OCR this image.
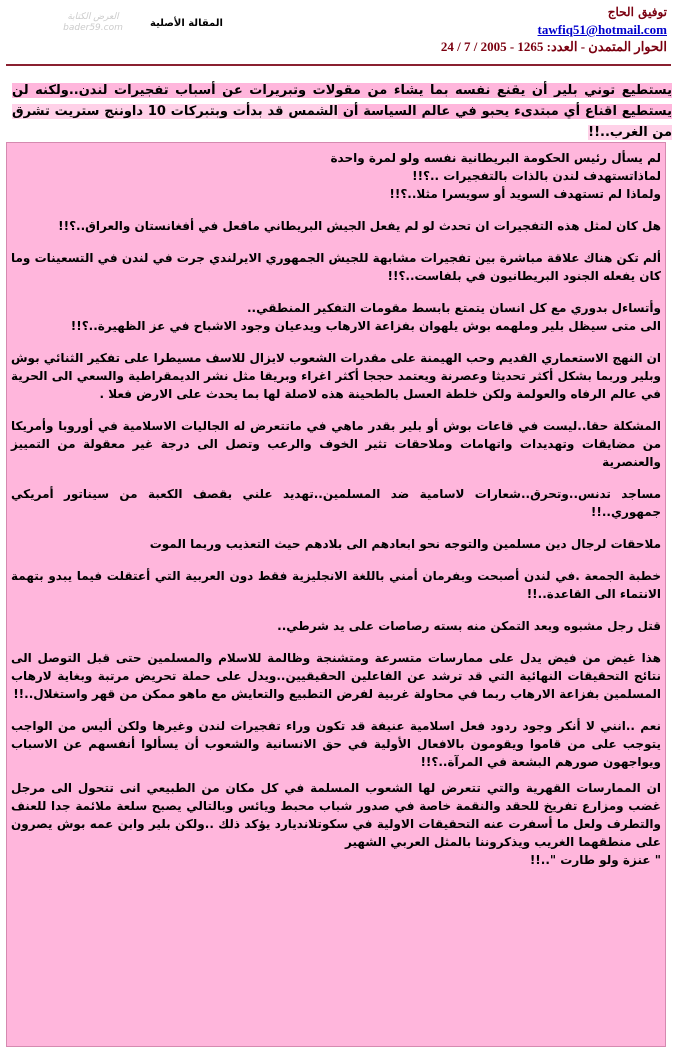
العرض الكتابة
bader59.com	المقالة الأصلية
توفيق الحاج
tawfiq51@hotmail.com
الحوار المتمدن - العدد: 1265 - 2005 / 7 / 24
يستطيع توني بلير أن يقنع نفسه بما يشاء من مقولات وتبريرات عن أسباب تفجيرات لندن..ولكنه لن يستطيع اقناع أي مبتدىء يحبو في عالم السياسة أن الشمس قد بدأت وبتبركات 10 داوننج ستريت تشرق من الغرب..!!

لم يسأل رئيس الحكومة البريطانية نفسه ولو لمرة واحدة
لماذاتستهدف لندن بالذات بالتفجيرات ..؟!!
ولماذا لم تستهدف السويد أو سويسرا مثلا..؟!!

هل كان لمثل هذه التفجيرات ان تحدث لو لم يفعل الجيش البريطاني مافعل في أفغانستان والعراق..؟!!

ألم تكن هناك علاقة مباشرة بين تفجيرات مشابهة للجيش الجمهوري الايرلندي جرت في لندن في التسعينات وما كان يفعله الجنود البريطانيون في بلفاست..؟!!

وأتساءل بدوري مع كل انسان يتمتع بابسط مقومات التفكير المنطقي..
الى متى سيظل بلير وملهمه بوش يلهوان بفزاعة الارهاب ويدعيان وجود الاشباح في عز الظهيرة..؟!!

ان النهج الاستعماري القديم وحب الهيمنة على مقدرات الشعوب لايزال للاسف مسيطرا على تفكير الثنائي بوش وبلير وربما بشكل أكثر تحديثا وعصرنة ويعتمد حججا أكثر اغراء وبريقا مثل نشر الديمقراطية والسعي الى الحرية في عالم الرفاه والعولمة ولكن خلطة العسل بالطحينة هذه لاصلة لها بما يحدث على الارض فعلا .

المشكلة حقا..ليست في قاعات بوش أو بلير بقدر ماهي في ماتتعرض له الجاليات الاسلامية في أوروبا وأمريكا من مضايقات وتهديدات واتهامات وملاحقات تثير الخوف والرعب وتصل الى درجة غير معقولة من التمييز والعنصرية

مساجد تدنس..وتحرق..شعارات لاسامية ضد المسلمين..تهديد علني بقصف الكعبة من سيناتور أمريكي جمهوري..!!

ملاحقات لرجال دين مسلمين والتوجه نحو ابعادهم الى بلادهم حيث التعذيب وربما الموت

خطبة الجمعة .في لندن أصبحت وبفرمان أمني باللغة الانجليزية فقط دون العربية التي أعتقلت فيما يبدو بتهمة الانتماء الى القاعدة..!!

قتل رجل مشبوه وبعد التمكن منه بسته رصاصات على يد شرطي..

هذا غيض من فيض يدل على ممارسات متسرعة ومتشنجة وظالمة للاسلام والمسلمين حتى قبل التوصل الى نتائج التحقيقات النهائية التي قد ترشد عن الفاعلين الحقيقيين..ويدل على حملة تحريض مرتبة وبغاية لارهاب المسلمين بفزاعة الارهاب ربما في محاولة غربية لفرض التطبيع والتعايش مع ماهو ممكن من قهر واستغلال..!!

نعم ..انني لا أنكر وجود ردود فعل اسلامية عنيفة قد تكون وراء تفجيرات لندن وغيرها ولكن أليس من الواجب يتوجب على من قاموا ويقومون بالافعال الأولية في حق الانسانية والشعوب أن يسألوا أنفسهم عن الاسباب ويواجهون صورهم البشعة في المرآة..؟!!

ان الممارسات القهرية والتي تتعرض لها الشعوب المسلمة في كل مكان من الطبيعي انى تتحول الى مرجل غضب ومزارع تفريخ للحقد والنقمة خاصة في صدور شباب محبط ويائس وبالتالي يصبح سلعة ملائمة جدا للعنف والتطرف ولعل ما أسفرت عنه التحقيقات الاولية في سكوتلانديارد يؤكد ذلك ..ولكن بلير وابن عمه بوش يصرون على منطقهما الغريب ويذكروننا بالمثل العربي الشهير
" عنزة ولو طارت "..!!
